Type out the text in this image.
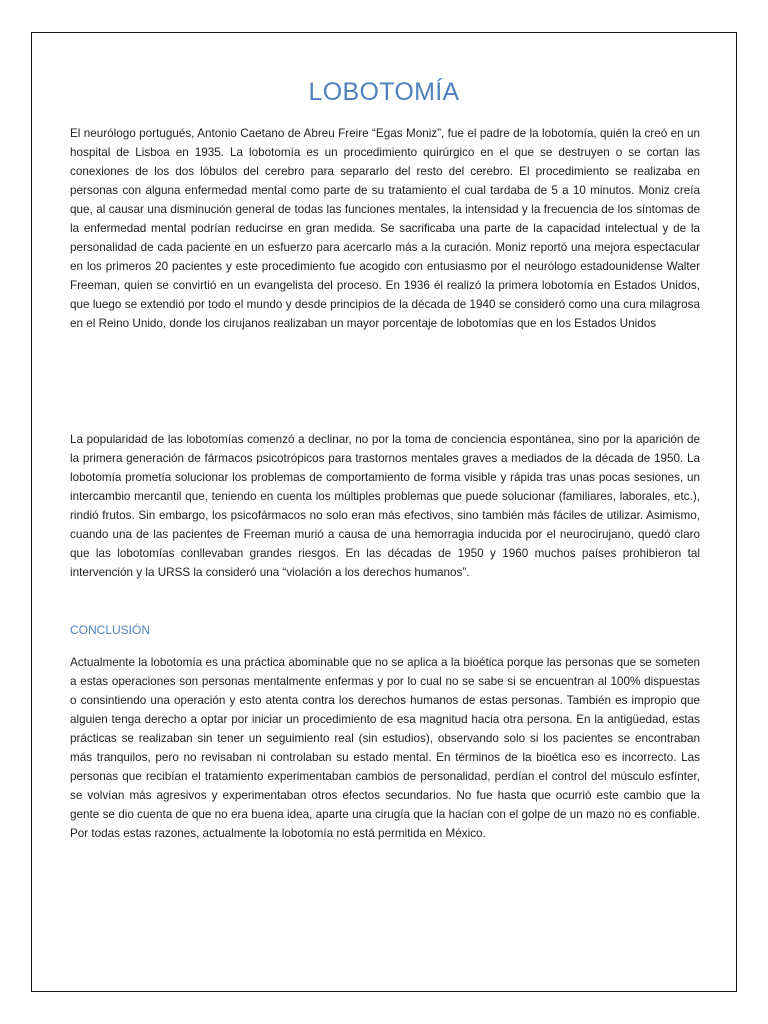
LOBOTOMÍA

El neurólogo portugués, Antonio Caetano de Abreu Freire “Egas Moniz”, fue el padre de la lobotomía, quién la creó en un hospital de Lisboa en 1935. La lobotomía es un procedimiento quirúrgico en el que se destruyen o se cortan las conexiones de los dos lóbulos del cerebro para separarlo del resto del cerebro. El procedimiento se realizaba en personas con alguna enfermedad mental como parte de su tratamiento el cual tardaba de 5 a 10 minutos. Moniz creía que, al causar una disminución general de todas las funciones mentales, la intensidad y la frecuencia de los síntomas de la enfermedad mental podrían reducirse en gran medida. Se sacrificaba una parte de la capacidad intelectual y de la personalidad de cada paciente en un esfuerzo para acercarlo más a la curación. Moniz reportó una mejora espectacular en los primeros 20 pacientes y este procedimiento fue acogido con entusiasmo por el neurólogo estadounidense Walter Freeman, quien se convirtió en un evangelista del proceso. En 1936 él realizó la primera lobotomía en Estados Unidos, que luego se extendió por todo el mundo y desde principios de la década de 1940 se consideró como una cura milagrosa en el Reino Unido, donde los cirujanos realizaban un mayor porcentaje de lobotomías que en los Estados Unidos

La popularidad de las lobotomías comenzó a declinar, no por la toma de conciencia espontánea, sino por la aparición de la primera generación de fármacos psicotrópicos para trastornos mentales graves a mediados de la década de 1950. La lobotomía prometía solucionar los problemas de comportamiento de forma visible y rápida tras unas pocas sesiones, un intercambio mercantil que, teniendo en cuenta los múltiples problemas que puede solucionar (familiares, laborales, etc.), rindió frutos. Sin embargo, los psicofármacos no solo eran más efectivos, sino también más fáciles de utilizar. Asimismo, cuando una de las pacientes de Freeman murió a causa de una hemorragia inducida por el neurocirujano, quedó claro que las lobotomías conllevaban grandes riesgos. En las décadas de 1950 y 1960 muchos países prohibieron tal intervención y la URSS la consideró una “violación a los derechos humanos”.

CONCLUSIÓN

Actualmente la lobotomía es una práctica abominable que no se aplica a la bioética porque las personas que se someten a estas operaciones son personas mentalmente enfermas y por lo cual no se sabe si se encuentran al 100% dispuestas o consintiendo una operación y esto atenta contra los derechos humanos de estas personas. También es impropio que alguien tenga derecho a optar por iniciar un procedimiento de esa magnitud hacia otra persona. En la antigüedad, estas prácticas se realizaban sin tener un seguimiento real (sin estudios), observando solo si los pacientes se encontraban más tranquilos, pero no revisaban ni controlaban su estado mental. En términos de la bioética eso es incorrecto. Las personas que recibían el tratamiento experimentaban cambios de personalidad, perdían el control del músculo esfínter, se volvían más agresivos y experimentaban otros efectos secundarios. No fue hasta que ocurrió este cambio que la gente se dio cuenta de que no era buena idea, aparte una cirugía que la hacían con el golpe de un mazo no es confiable. Por todas estas razones, actualmente la lobotomía no está permitida en México.
